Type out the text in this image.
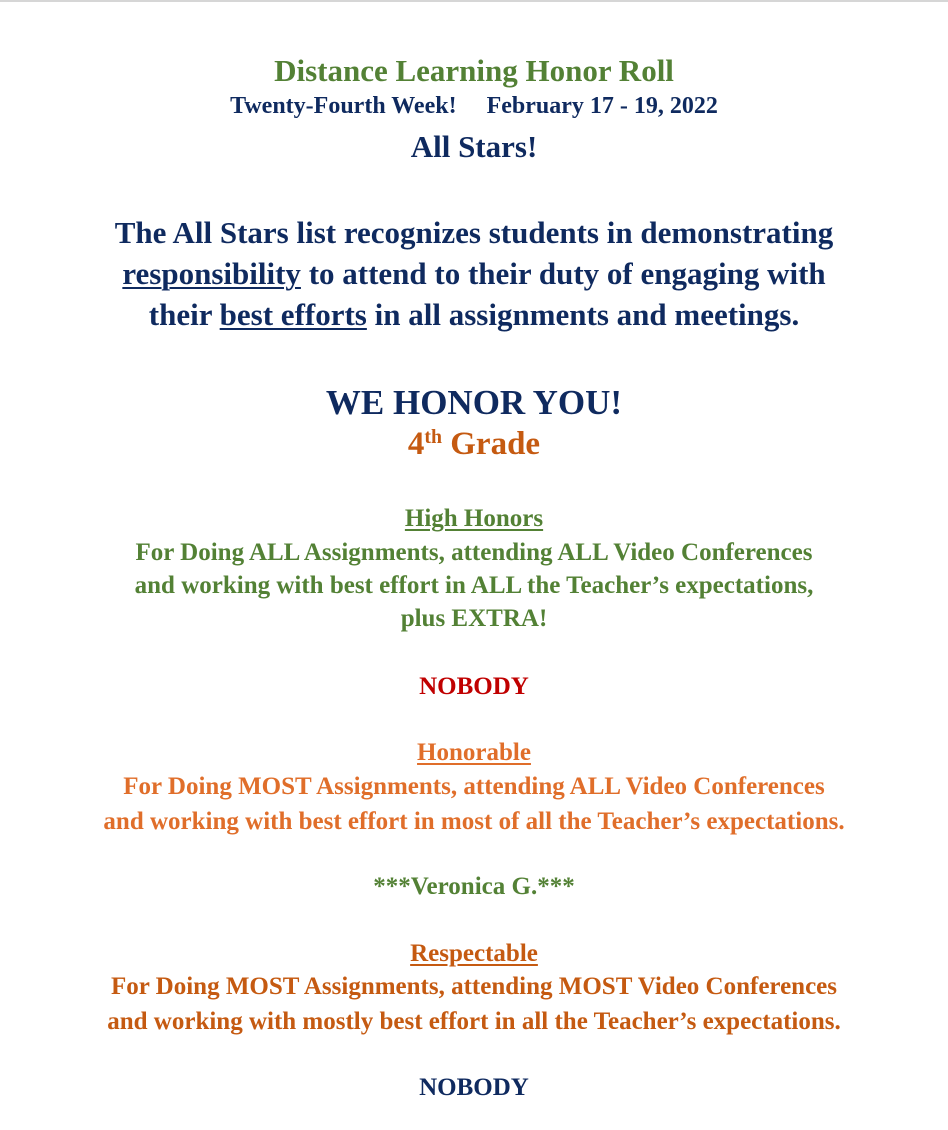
Distance Learning Honor Roll
Twenty-Fourth Week! February 17 - 19, 2022
All Stars!
The All Stars list recognizes students in demonstrating
responsibility to attend to their duty of engaging with
their best efforts in all assignments and meetings.
WE HONOR YOU!
4th Grade
High Honors
For Doing ALL Assignments, attending ALL Video Conferences
and working with best effort in ALL the Teacher’s expectations,
plus EXTRA!
NOBODY
Honorable
For Doing MOST Assignments, attending ALL Video Conferences
and working with best effort in most of all the Teacher’s expectations.
***Veronica G.***
Respectable
For Doing MOST Assignments, attending MOST Video Conferences
and working with mostly best effort in all the Teacher’s expectations.
NOBODY
